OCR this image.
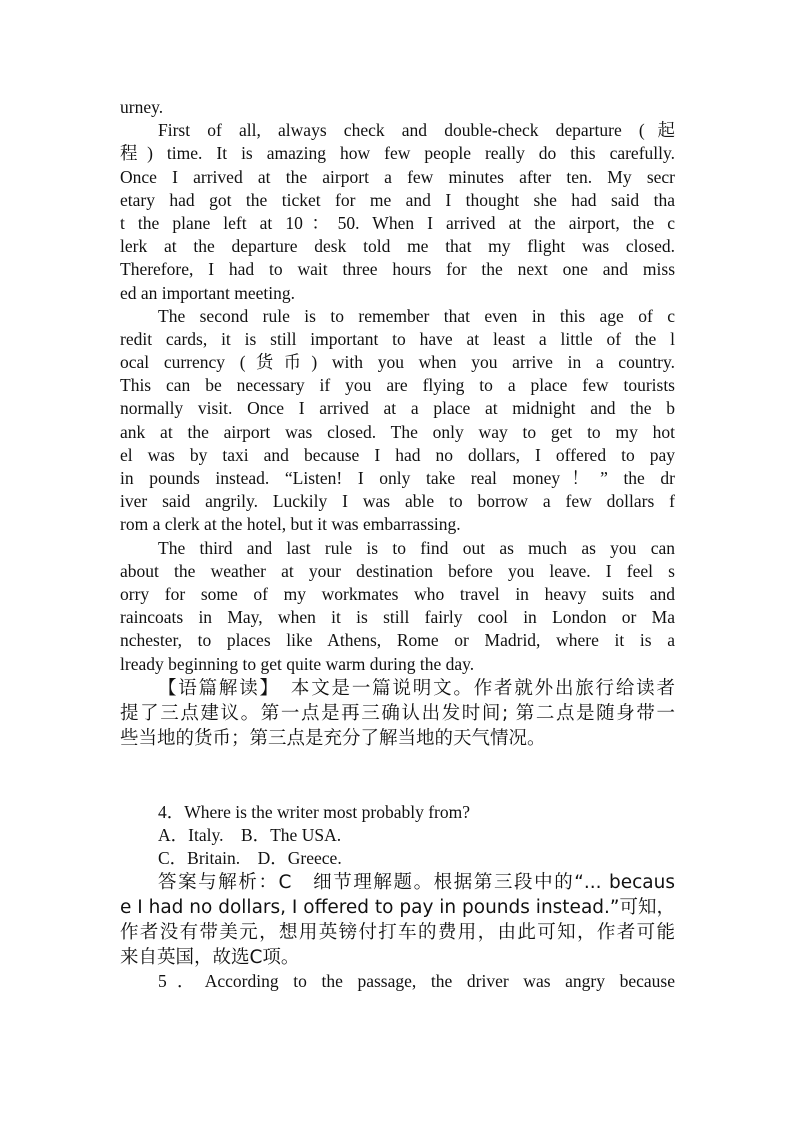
urney.
First of all, always check and double-check departure (起
程) time. It is amazing how few people really do this carefully.
Once I arrived at the airport a few minutes after ten. My secr
etary had got the ticket for me and I thought she had said tha
t the plane left at 10：50. When I arrived at the airport, the c
lerk at the departure desk told me that my flight was closed.
Therefore, I had to wait three hours for the next one and miss
ed an important meeting.
The second rule is to remember that even in this age of c
redit cards, it is still important to have at least a little of the l
ocal currency (货币) with you when you arrive in a country.
This can be necessary if you are flying to a place few tourists
normally visit. Once I arrived at a place at midnight and the b
ank at the airport was closed. The only way to get to my hot
el was by taxi and because I had no dollars, I offered to pay
in pounds instead. “Listen! I only take real money！” the dr
iver said angrily. Luckily I was able to borrow a few dollars f
rom a clerk at the hotel, but it was embarrassing.
The third and last rule is to find out as much as you can
about the weather at your destination before you leave. I feel s
orry for some of my workmates who travel in heavy suits and
raincoats in May, when it is still fairly cool in London or Ma
nchester, to places like Athens, Rome or Madrid, where it is a
lready beginning to get quite warm during the day.
【语篇解读】　本文是一篇说明文。作者就外出旅行给读者
提了三点建议。第一点是再三确认出发时间; 第二点是随身带一
些当地的货币；第三点是充分了解当地的天气情况。
4．Where is the writer most probably from?
A．Italy.　B．The USA.
C．Britain.　D．Greece.
答案与解析：C　细节理解题。根据第三段中的“... becaus
e I had no dollars, I offered to pay in pounds instead.”可知，
作者没有带美元，想用英镑付打车的费用，由此可知，作者可能
来自英国，故选C项。
5．According to the passage, the driver was angry because
